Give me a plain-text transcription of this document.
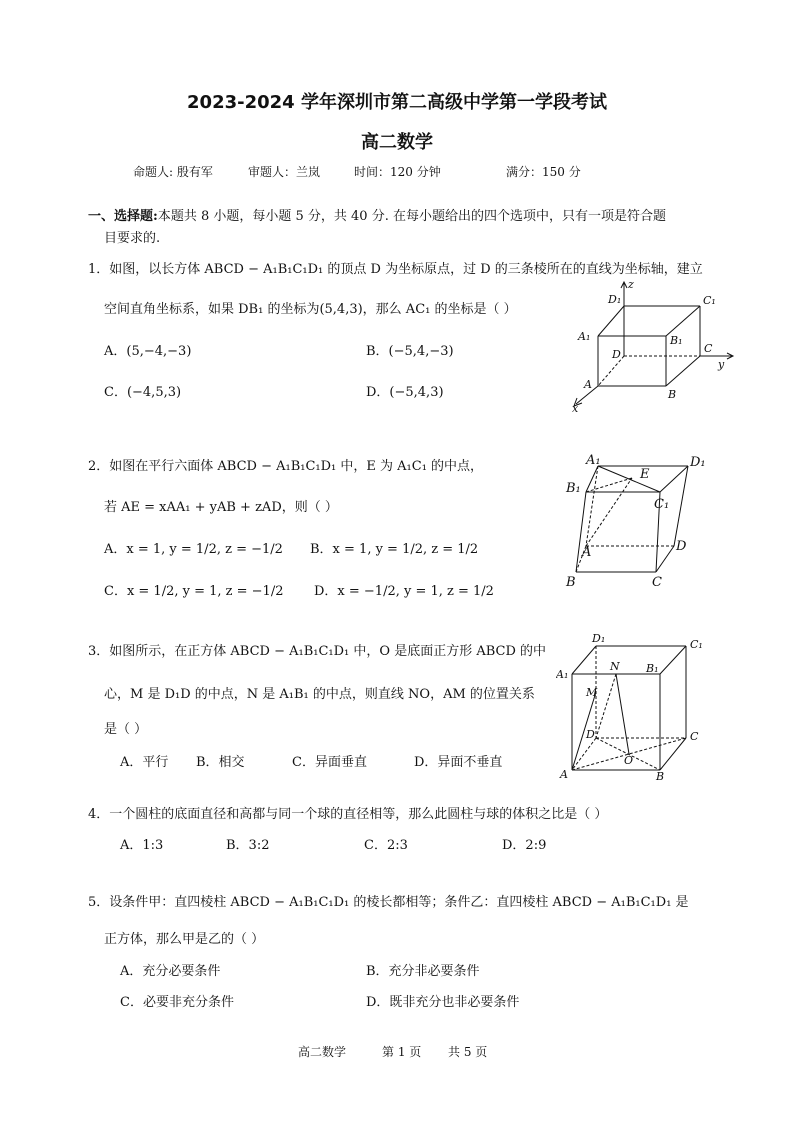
2023-2024 学年深圳市第二高级中学第一学段考试
高二数学
命题人: 殷有军	审题人：兰岚	时间：120 分钟	满分：150 分
一、选择题:本题共 8 小题，每小题 5 分，共 40 分. 在每小题给出的四个选项中，只有一项是符合题
目要求的.
1．如图，以长方体 ABCD − A₁B₁C₁D₁ 的顶点 D 为坐标原点，过 D 的三条棱所在的直线为坐标轴，建立
空间直角坐标系，如果 DB₁ 的坐标为(5,4,3)，那么 AC₁ 的坐标是（ ）
A．(5,−4,−3)	B．(−5,4,−3)
C．(−4,5,3)	D．(−5,4,3)
D₁	C₁
A₁	B₁
D	C
A
B
x
y
z
2．如图在平行六面体 ABCD − A₁B₁C₁D₁ 中，E 为 A₁C₁ 的中点，
若 AE = xAA₁ + yAB + zAD，则（ ）
A．x = 1, y = 1/2, z = −1/2 B．x = 1, y = 1/2, z = 1/2
C．x = 1/2, y = 1, z = −1/2 D．x = −1/2, y = 1, z = 1/2
A₁
E
D₁
B₁
C₁
A	D
B	C
3．如图所示，在正方体 ABCD − A₁B₁C₁D₁ 中，O 是底面正方形 ABCD 的中
心，M 是 D₁D 的中点，N 是 A₁B₁ 的中点，则直线 NO，AM 的位置关系
是（ ）
A．平行 B．相交	C．异面垂直	D．异面不垂直
D₁	C₁
A₁
N B₁
M
D	C
O
A	B
4．一个圆柱的底面直径和高都与同一个球的直径相等，那么此圆柱与球的体积之比是（ ）
A．1:3	B．3:2	C．2:3	D．2:9
5．设条件甲：直四棱柱 ABCD − A₁B₁C₁D₁ 的棱长都相等；条件乙：直四棱柱 ABCD − A₁B₁C₁D₁ 是
正方体，那么甲是乙的（ ）
A．充分必要条件	B．充分非必要条件
C．必要非充分条件	D．既非充分也非必要条件
高二数学	第 1 页 共 5 页
